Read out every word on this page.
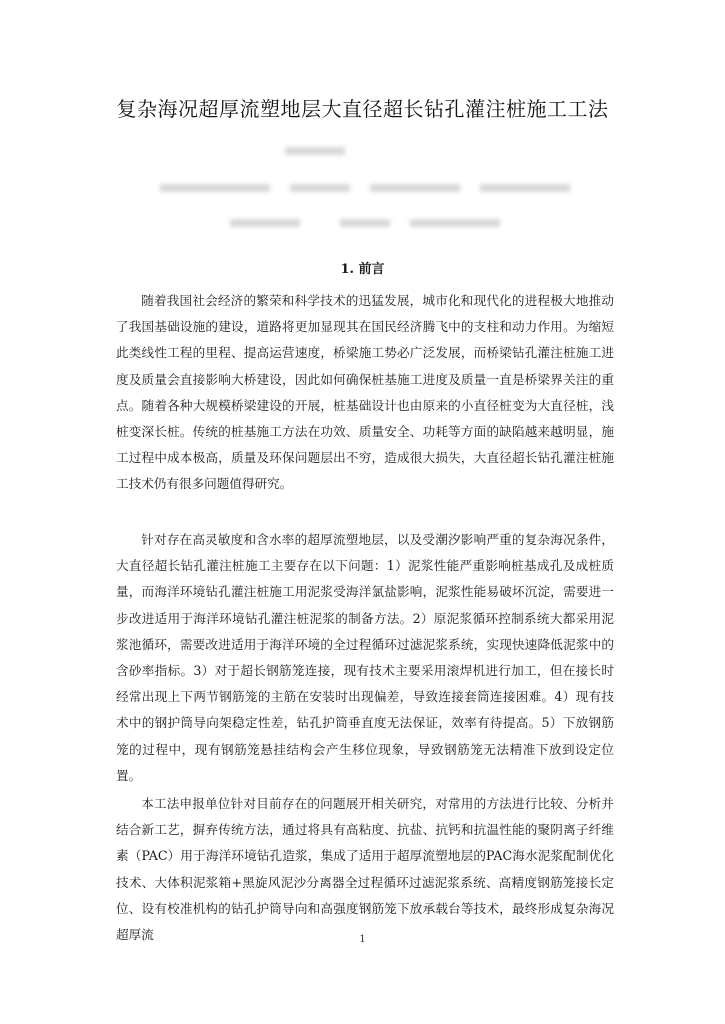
复杂海况超厚流塑地层大直径超长钻孔灌注桩施工工法
1. 前言

随着我国社会经济的繁荣和科学技术的迅猛发展，城市化和现代化的进程极大地推动了我国基础设施的建设，道路将更加显现其在国民经济腾飞中的支柱和动力作用。为缩短此类线性工程的里程、提高运营速度，桥梁施工势必广泛发展，而桥梁钻孔灌注桩施工进度及质量会直接影响大桥建设，因此如何确保桩基施工进度及质量一直是桥梁界关注的重点。随着各种大规模桥梁建设的开展，桩基础设计也由原来的小直径桩变为大直径桩，浅桩变深长桩。传统的桩基施工方法在功效、质量安全、功耗等方面的缺陷越来越明显，施工过程中成本极高，质量及环保问题层出不穷，造成很大损失，大直径超长钻孔灌注桩施工技术仍有很多问题值得研究。

针对存在高灵敏度和含水率的超厚流塑地层，以及受潮汐影响严重的复杂海况条件，大直径超长钻孔灌注桩施工主要存在以下问题：1）泥浆性能严重影响桩基成孔及成桩质量，而海洋环境钻孔灌注桩施工用泥浆受海洋氯盐影响，泥浆性能易破坏沉淀，需要进一步改进适用于海洋环境钻孔灌注桩泥浆的制备方法。2）原泥浆循环控制系统大都采用泥浆池循环，需要改进适用于海洋环境的全过程循环过滤泥浆系统，实现快速降低泥浆中的含砂率指标。3）对于超长钢筋笼连接，现有技术主要采用滚焊机进行加工，但在接长时经常出现上下两节钢筋笼的主筋在安装时出现偏差，导致连接套筒连接困难。4）现有技术中的钢护筒导向架稳定性差，钻孔护筒垂直度无法保证，效率有待提高。5）下放钢筋笼的过程中，现有钢筋笼悬挂结构会产生移位现象，导致钢筋笼无法精准下放到设定位置。

本工法申报单位针对目前存在的问题展开相关研究，对常用的方法进行比较、分析并结合新工艺，摒弃传统方法，通过将具有高粘度、抗盐、抗钙和抗温性能的聚阴离子纤维素（PAC）用于海洋环境钻孔造浆，集成了适用于超厚流塑地层的PAC海水泥浆配制优化技术、大体积泥浆箱+黑旋风泥沙分离器全过程循环过滤泥浆系统、高精度钢筋笼接长定位、设有校准机构的钻孔护筒导向和高强度钢筋笼下放承载台等技术，最终形成复杂海况超厚流	1
